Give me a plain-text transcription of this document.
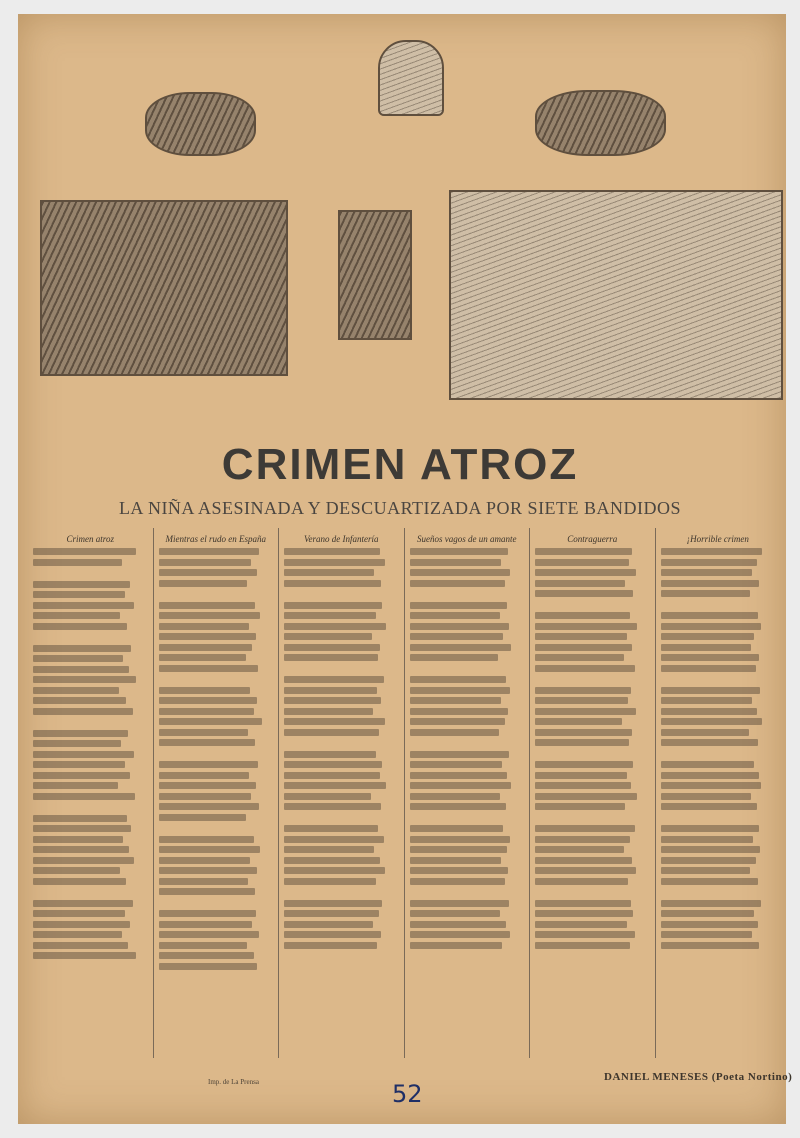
CRIMEN ATROZ
LA NIÑA ASESINADA Y DESCUARTIZADA POR SIETE BANDIDOS
Crimen atroz	Mientras el rudo en España	Verano de Infantería	Sueños vagos de un amante	Contraguerra	¡Horrible crimen
Imp. de La Prensa	52
DANIEL MENESES (Poeta Nortino)
